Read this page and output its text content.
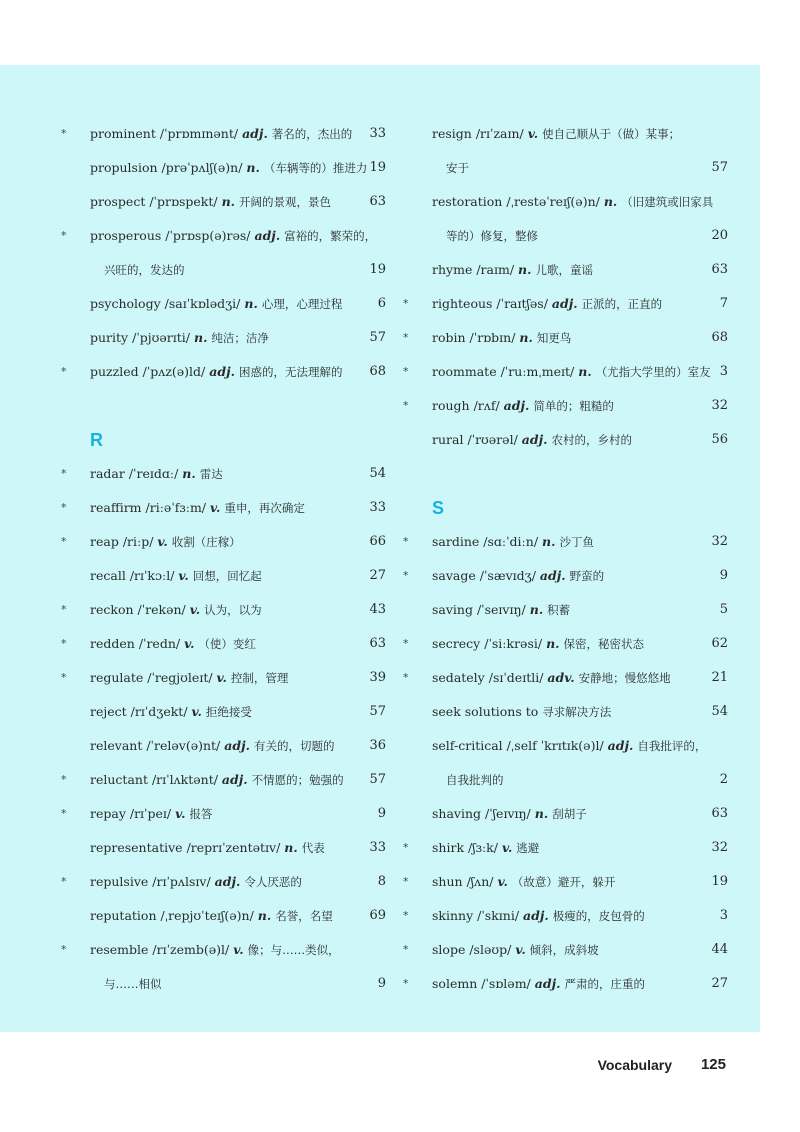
*	prominent /ˈprɒmɪnənt/ adj. 著名的，杰出的 33
propulsion /prəˈpʌlʃ(ə)n/ n. （车辆等的）推进力 19
prospect /ˈprɒspekt/ n. 开阔的景观，景色	63
*	prosperous /ˈprɒsp(ə)rəs/ adj. 富裕的，繁荣的，
兴旺的，发达的	19
psychology /saɪˈkɒlədʒi/ n. 心理，心理过程	6
purity /ˈpjʊərɪti/ n. 纯洁；洁净	57
*	puzzled /ˈpʌz(ə)ld/ adj. 困惑的，无法理解的 68
R
*	radar /ˈreɪdɑː/ n. 雷达	54
*	reaffirm /riːəˈfɜːm/ v. 重申，再次确定	33
*	reap /riːp/ v. 收割（庄稼）	66
recall /rɪˈkɔːl/ v. 回想，回忆起	27
*	reckon /ˈrekən/ v. 认为，以为	43
*	redden /ˈredn/ v. （使）变红	63
*	regulate /ˈregjʊleɪt/ v. 控制，管理	39
reject /rɪˈdʒekt/ v. 拒绝接受	57
relevant /ˈreləv(ə)nt/ adj. 有关的，切题的	36
*	reluctant /rɪˈlʌktənt/ adj. 不情愿的；勉强的 57
*	repay /rɪˈpeɪ/ v. 报答	9
representative /reprɪˈzentətɪv/ n. 代表	33
*	repulsive /rɪˈpʌlsɪv/ adj. 令人厌恶的	8
reputation /ˌrepjʊˈteɪʃ(ə)n/ n. 名誉，名望	69
*	resemble /rɪˈzemb(ə)l/ v. 像；与……类似，
与……相似	9
resign /rɪˈzaɪn/ v. 使自己顺从于（做）某事；
安于	57
restoration /ˌrestəˈreɪʃ(ə)n/ n. （旧建筑或旧家具
等的）修复，整修	20
rhyme /raɪm/ n. 儿歌，童谣	63
*	righteous /ˈraɪtʃəs/ adj. 正派的，正直的	7
*	robin /ˈrɒbɪn/ n. 知更鸟	68
*	roommate /ˈruːmˌmeɪt/ n. （尤指大学里的）室友 3
*	rough /rʌf/ adj. 简单的；粗糙的	32
rural /ˈrʊərəl/ adj. 农村的，乡村的	56
S
*	sardine /sɑːˈdiːn/ n. 沙丁鱼	32
*	savage /ˈsævɪdʒ/ adj. 野蛮的	9
saving /ˈseɪvɪŋ/ n. 积蓄	5
*	secrecy /ˈsiːkrəsi/ n. 保密，秘密状态	62
*	sedately /sɪˈdeɪtli/ adv. 安静地；慢悠悠地	21
seek solutions to 寻求解决方法	54
self-critical /ˌself ˈkrɪtɪk(ə)l/ adj. 自我批评的，
自我批判的	2
shaving /ˈʃeɪvɪŋ/ n. 刮胡子	63
*	shirk /ʃɜːk/ v. 逃避	32
*	shun /ʃʌn/ v. （故意）避开，躲开	19
*	skinny /ˈskɪni/ adj. 极瘦的，皮包骨的	3
*	slope /sləʊp/ v. 倾斜，成斜坡	44
*	solemn /ˈsɒləm/ adj. 严肃的，庄重的	27
Vocabulary 125
